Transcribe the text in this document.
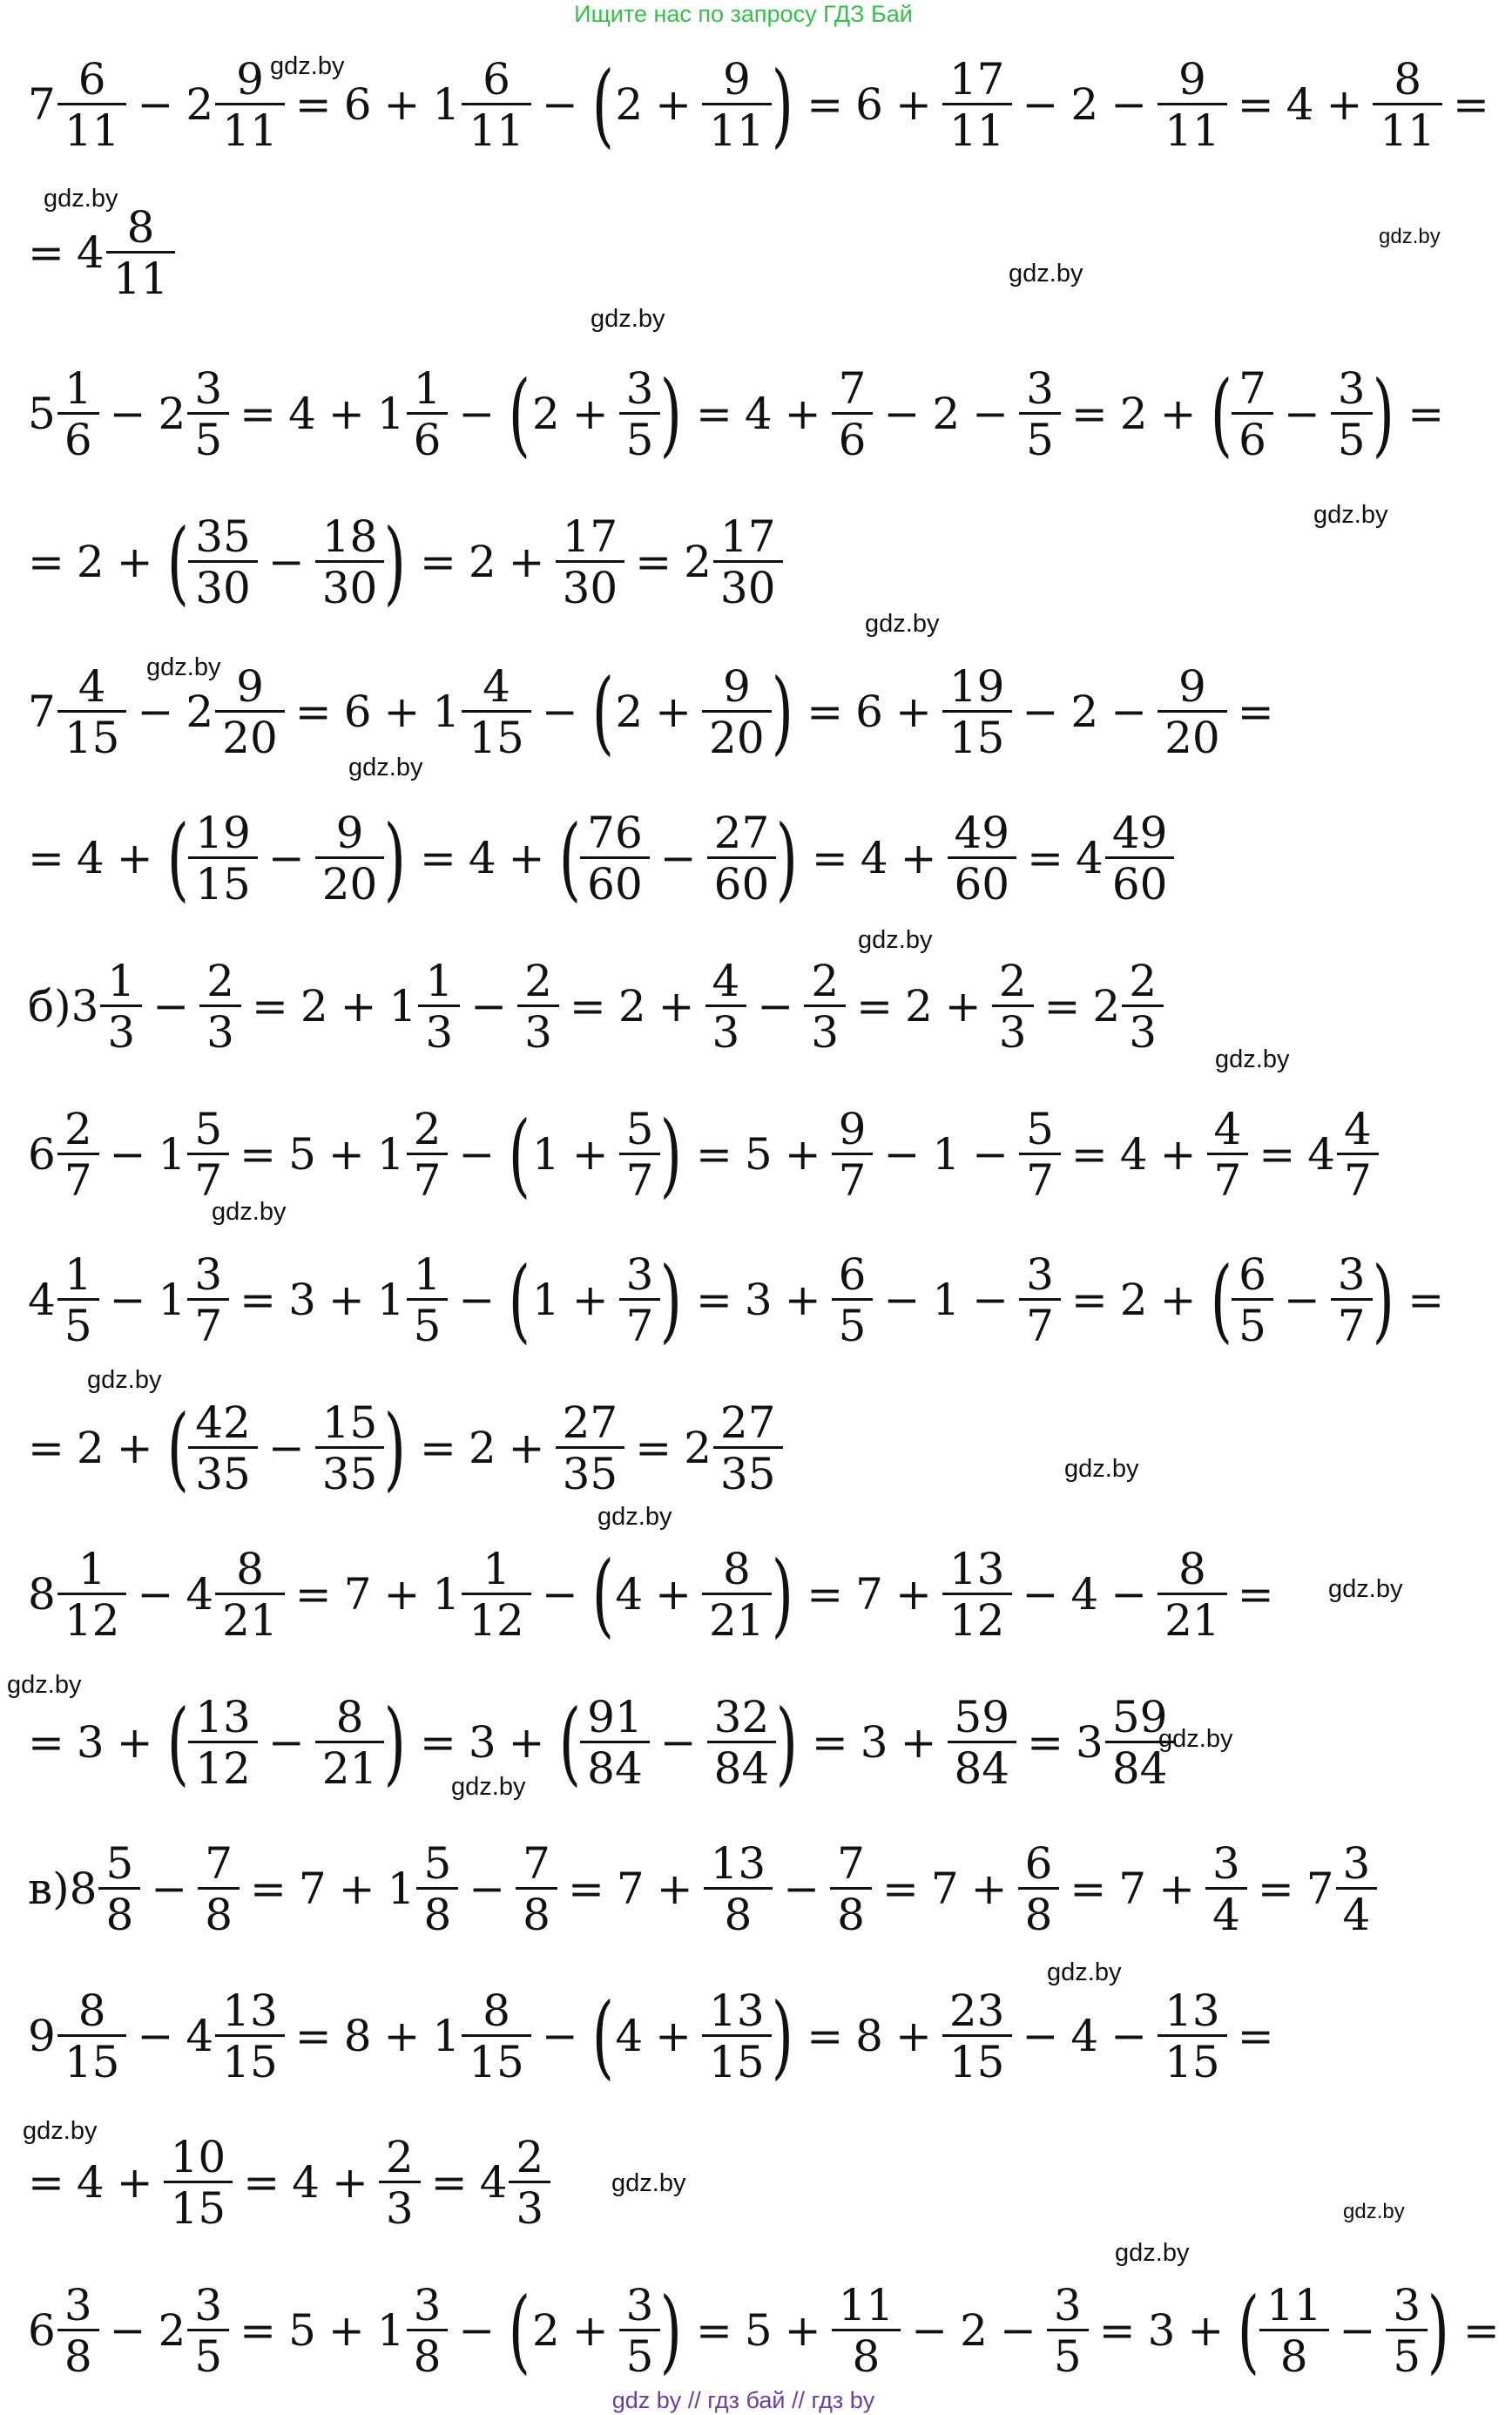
Ищите нас по запросу ГДЗ Бай
$7 \frac{6}{11} - 2 \frac{9}{11} = 6 + 1 \frac{6}{11}$ − ( $2 + \frac{9}{11}$ ) = $6 + \frac{17}{11} - 2 - \frac{9}{11} = 4 + \frac{8}{11}$ =
= $4 \frac{8}{11}$
$5 \frac{1}{6} - 2 \frac{3}{5} = 4 + 1 \frac{1}{6}$ − ( $2 + \frac{3}{5}$ ) = $4 + \frac{7}{6} - 2 - \frac{3}{5} = 2$ + ( $\frac{7}{6} - \frac{3}{5}$ ) =
= 2 + ( $\frac{35}{30} - \frac{18}{30}$ ) = $2 + \frac{17}{30} = 2 \frac{17}{30}$
$7 \frac{4}{15} - 2 \frac{9}{20} = 6 + 1 \frac{4}{15}$ − ( $2 + \frac{9}{20}$ ) = $6 + \frac{19}{15} - 2 - \frac{9}{20}$ =
= 4 + ( $\frac{19}{15} - \frac{9}{20}$ ) = 4 + ( $\frac{76}{60} - \frac{27}{60}$ ) = $4 + \frac{49}{60} = 4 \frac{49}{60}$
б) $3 \frac{1}{3} - \frac{2}{3} = 2 + 1 \frac{1}{3} - \frac{2}{3} = 2 + \frac{4}{3} - \frac{2}{3} = 2 + \frac{2}{3} = 2 \frac{2}{3}$
$6 \frac{2}{7} - 1 \frac{5}{7} = 5 + 1 \frac{2}{7}$ − ( $1 + \frac{5}{7}$ ) = $5 + \frac{9}{7} - 1 - \frac{5}{7} = 4 + \frac{4}{7} = 4 \frac{4}{7}$
$4 \frac{1}{5} - 1 \frac{3}{7} = 3 + 1 \frac{1}{5}$ − ( $1 + \frac{3}{7}$ ) = $3 + \frac{6}{5} - 1 - \frac{3}{7} = 2$ + ( $\frac{6}{5} - \frac{3}{7}$ ) =
= 2 + ( $\frac{42}{35} - \frac{15}{35}$ ) = $2 + \frac{27}{35} = 2 \frac{27}{35}$
$8 \frac{1}{12} - 4 \frac{8}{21} = 7 + 1 \frac{1}{12}$ − ( $4 + \frac{8}{21}$ ) = $7 + \frac{13}{12} - 4 - \frac{8}{21}$ =
= 3 + ( $\frac{13}{12} - \frac{8}{21}$ ) = 3 + ( $\frac{91}{84} - \frac{32}{84}$ ) = $3 + \frac{59}{84} = 3 \frac{59}{84}$
в) $8 \frac{5}{8} - \frac{7}{8} = 7 + 1 \frac{5}{8} - \frac{7}{8} = 7 + \frac{13}{8} - \frac{7}{8} = 7 + \frac{6}{8} = 7 + \frac{3}{4} = 7 \frac{3}{4}$
$9 \frac{8}{15} - 4 \frac{13}{15} = 8 + 1 \frac{8}{15}$ − ( $4 + \frac{13}{15}$ ) = $8 + \frac{23}{15} - 4 - \frac{13}{15}$ =
= $4 + \frac{10}{15} = 4 + \frac{2}{3} = 4 \frac{2}{3}$
$6 \frac{3}{8} - 2 \frac{3}{5} = 5 + 1 \frac{3}{8}$ − ( $2 + \frac{3}{5}$ ) = $5 + \frac{11}{8} - 2 - \frac{3}{5} = 3$ + ( $\frac{11}{8} - \frac{3}{5}$ ) =
gdz.by
gdz.by
gdz.by
gdz.by
gdz.by
gdz.by
gdz.by
gdz.by
gdz.by
gdz.by
gdz.by
gdz.by
gdz.by
gdz.by
gdz.by
gdz.by
gdz.by
gdz.by
gdz.by
gdz.by
gdz.by
gdz.by
gdz.by
gdz.by
gdz by // гдз бай // гдз by
